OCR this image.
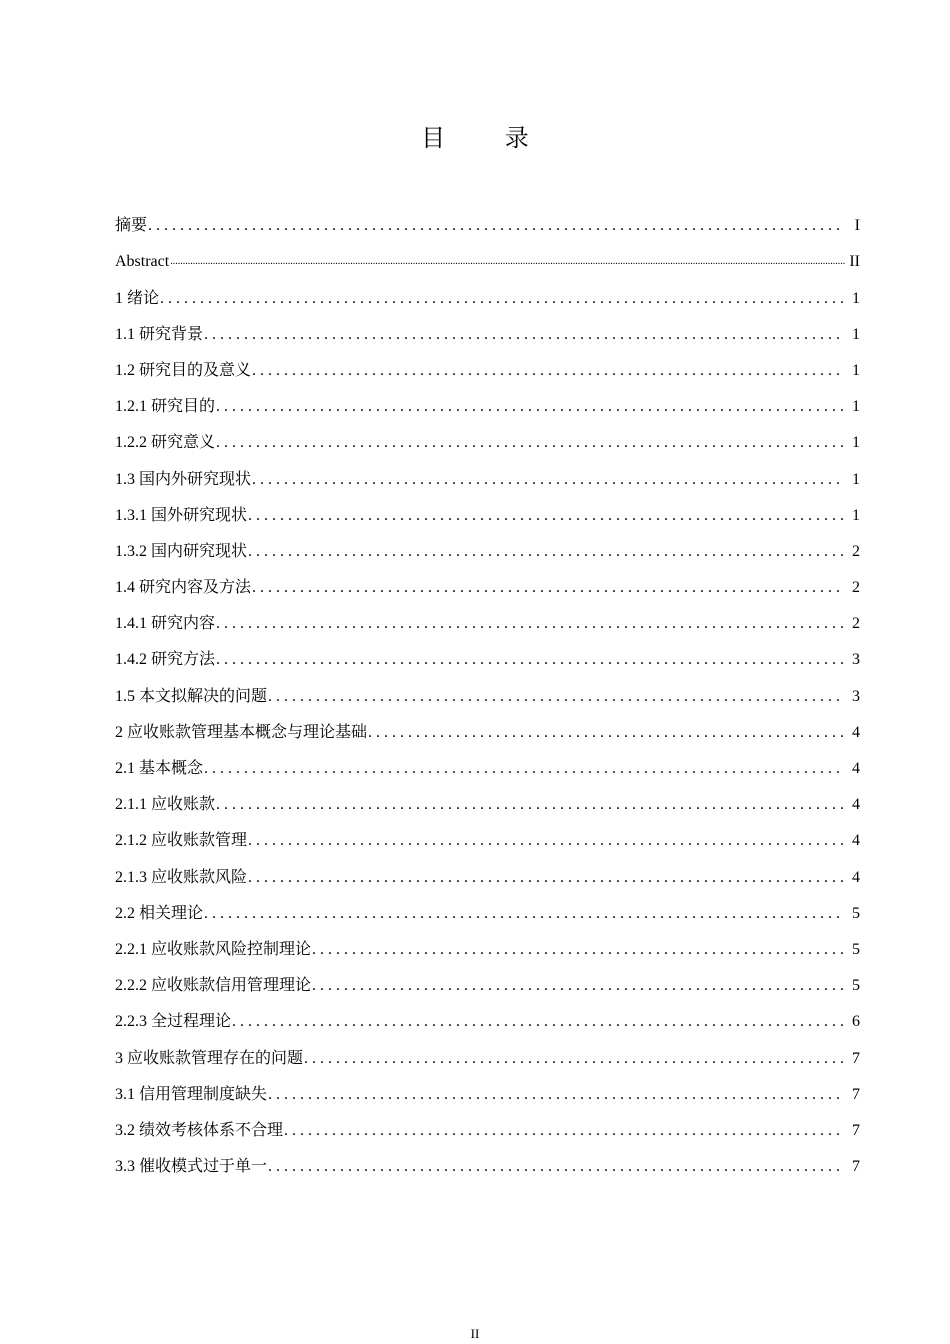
目 录
摘要 . . .	I
Abstract .....	II
1 绪论 . . .	1
1.1 研究背景 . . .	1
1.2 研究目的及意义 . . .	1
1.2.1 研究目的 . . .	1
1.2.2 研究意义 . . .	1
1.3 国内外研究现状 . . .	1
1.3.1 国外研究现状 . . .	1
1.3.2 国内研究现状 . . .	2
1.4 研究内容及方法 . . .	2
1.4.1 研究内容 . . .	2
1.4.2 研究方法 . . .	3
1.5 本文拟解决的问题 . . .	3
2 应收账款管理基本概念与理论基础 . . .	4
2.1 基本概念 . . .	4
2.1.1 应收账款 . . .	4
2.1.2 应收账款管理 . . .	4
2.1.3 应收账款风险 . . .	4
2.2 相关理论 . . .	5
2.2.1 应收账款风险控制理论 . . .	5
2.2.2 应收账款信用管理理论 . . .	5
2.2.3 全过程理论 . . .	6
3 应收账款管理存在的问题 . . .	7
3.1 信用管理制度缺失 . . .	7
3.2 绩效考核体系不合理 . . .	7
3.3 催收模式过于单一 . . .	7
II
